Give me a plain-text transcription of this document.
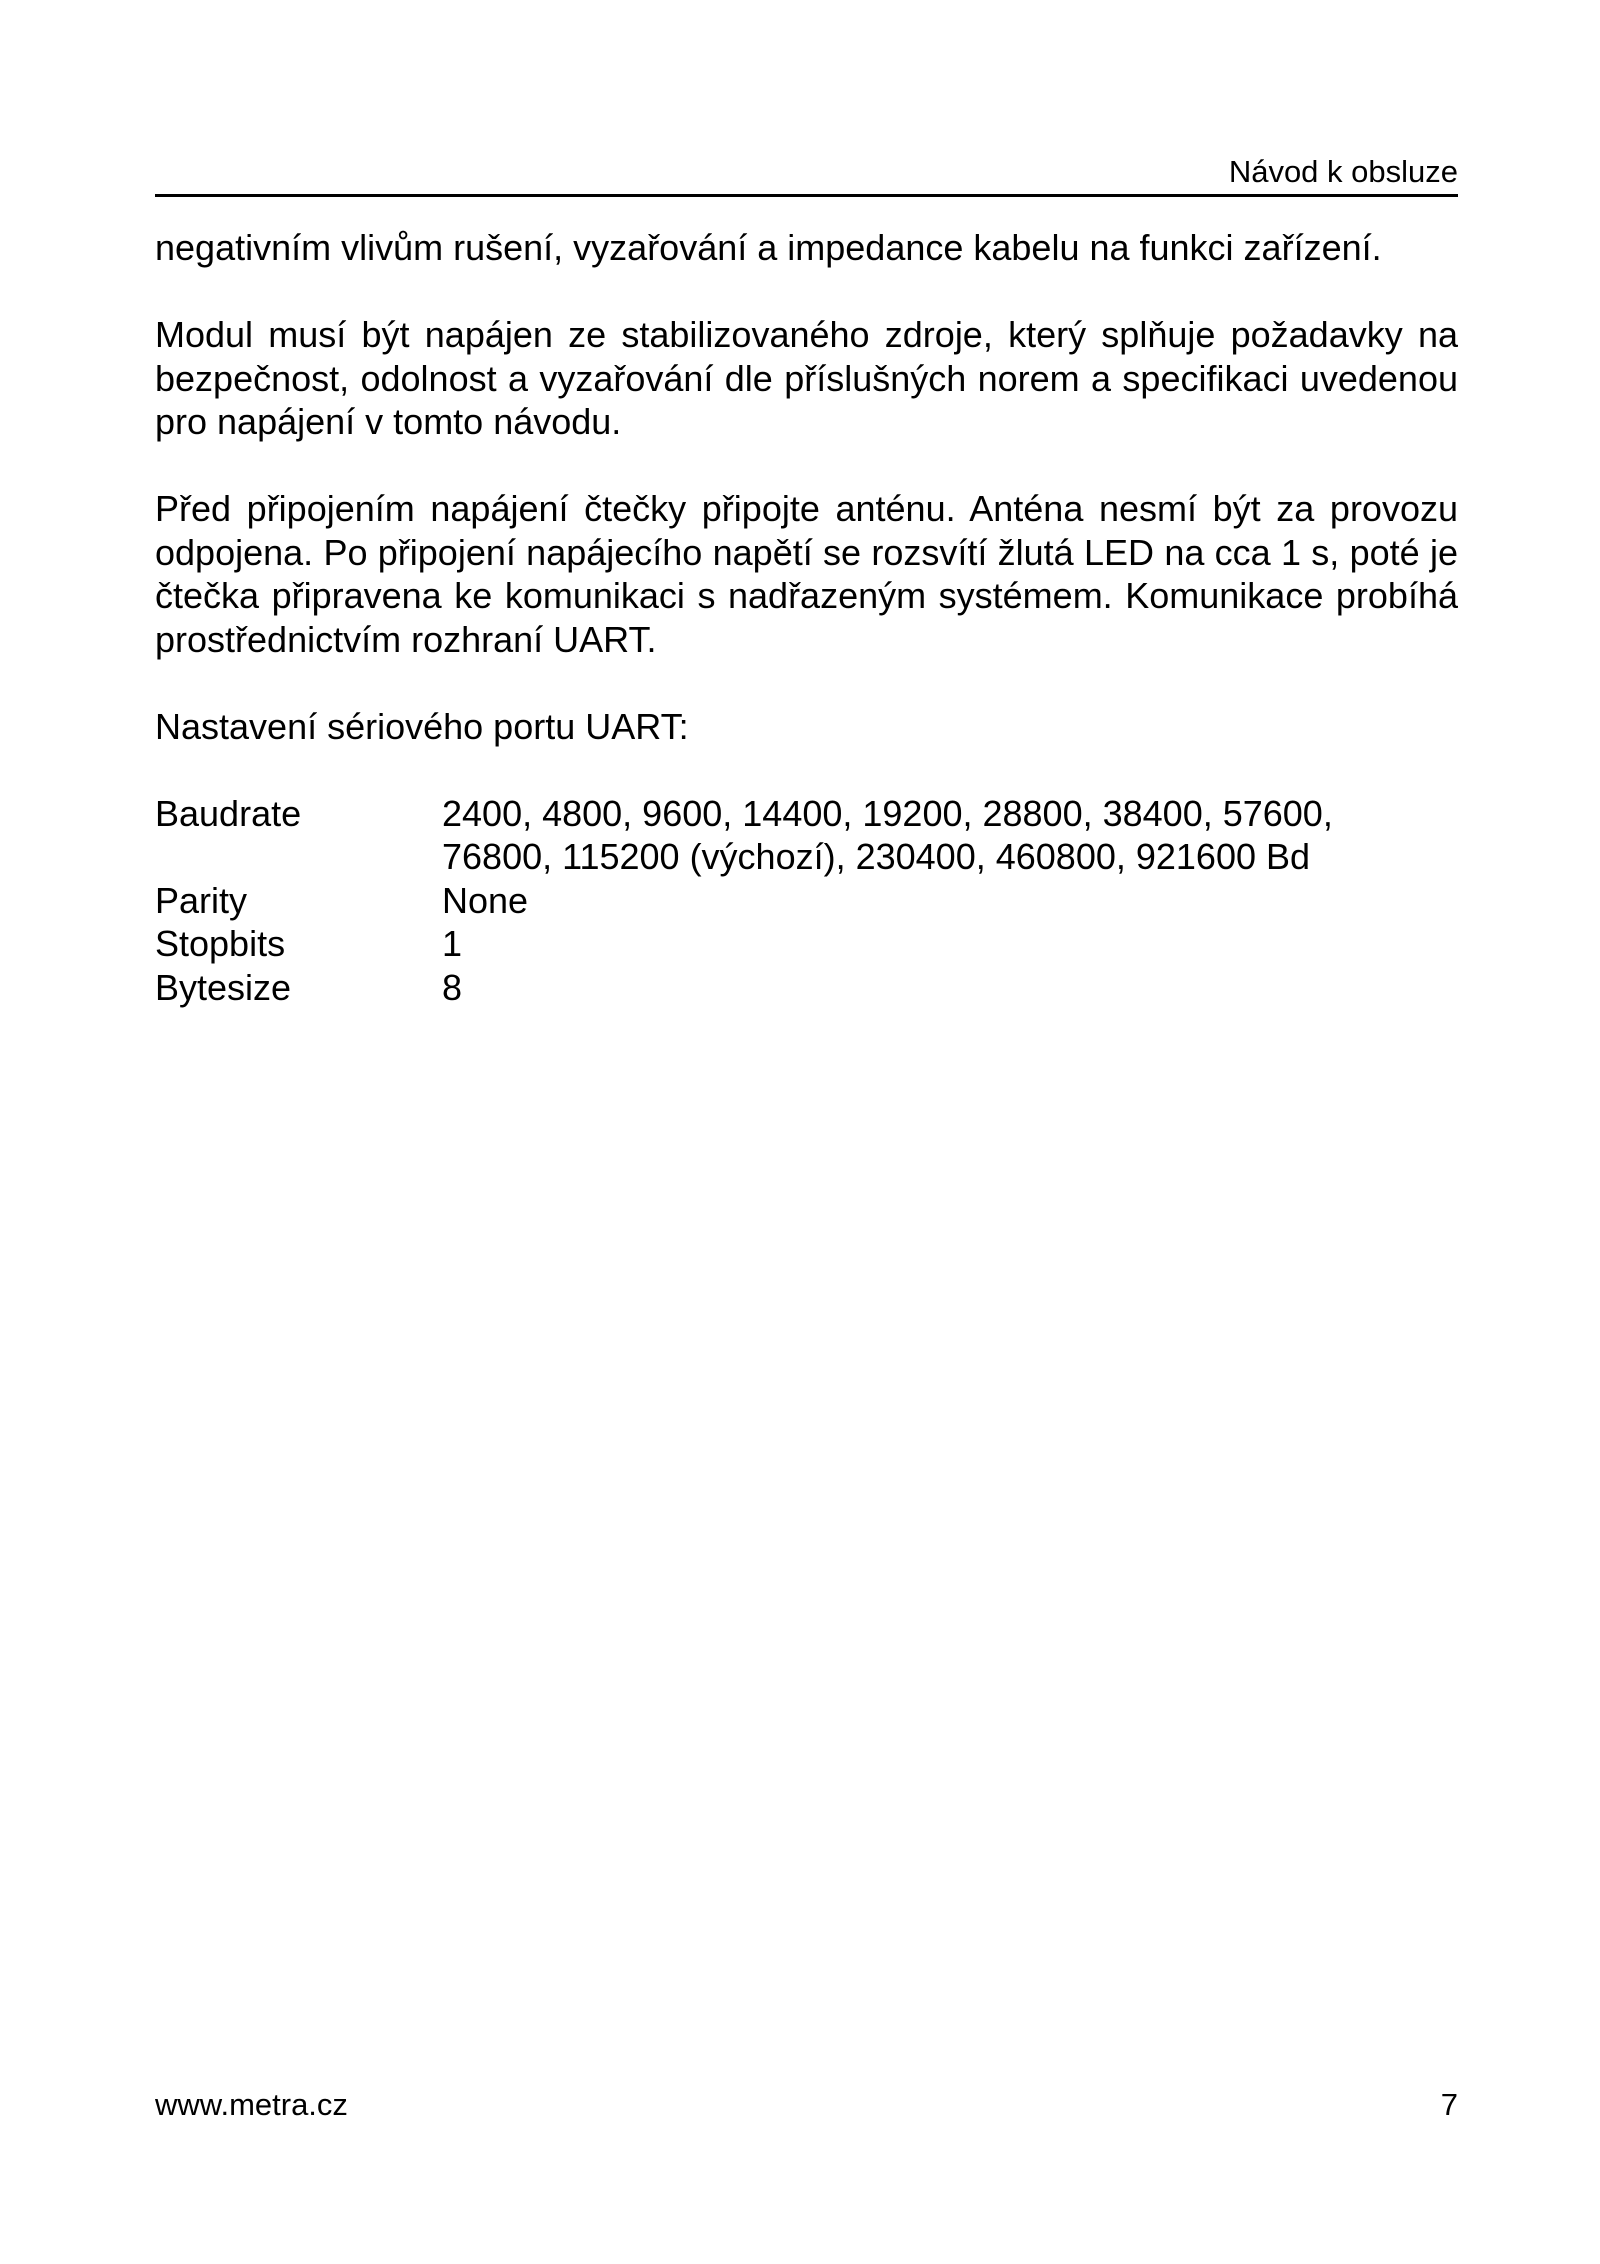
Návod k obsluze

negativním vlivům rušení, vyzařování a impedance kabelu na funkci zařízení.

Modul musí být napájen ze stabilizovaného zdroje, který splňuje požadavky na bezpečnost, odolnost a vyzařování dle příslušných norem a specifikaci uvedenou pro napájení v tomto návodu.

Před připojením napájení čtečky připojte anténu. Anténa nesmí být za provozu odpojena. Po připojení napájecího napětí se rozsvítí žlutá LED na cca 1 s, poté je čtečka připravena ke komunikaci s nadřazeným systémem. Komunikace probíhá prostřednictvím rozhraní UART.

Nastavení sériového portu UART:

Baudrate	2400, 4800, 9600, 14400, 19200, 28800, 38400, 57600,
76800, 115200 (výchozí), 230400, 460800, 921600 Bd
Parity	None
Stopbits	1
Bytesize	8
www.metra.cz	7
